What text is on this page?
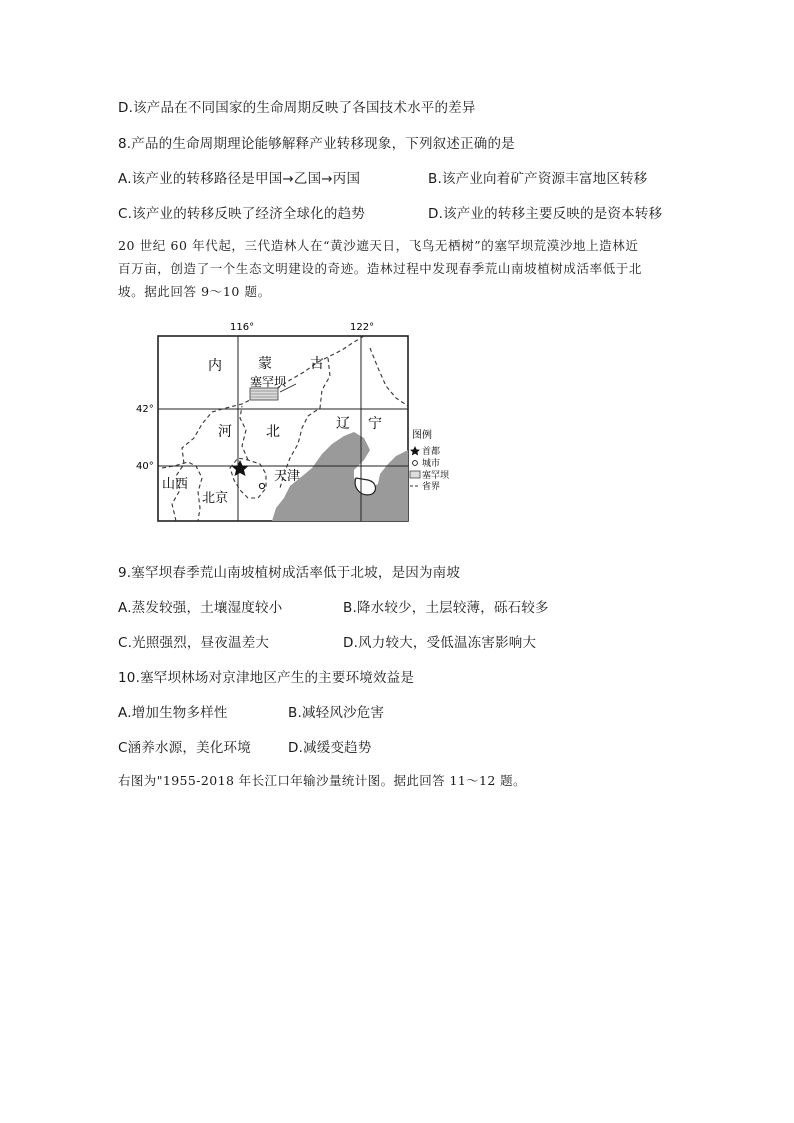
D.该产品在不同国家的生命周期反映了各国技术水平的差异
8.产品的生命周期理论能够解释产业转移现象，下列叙述正确的是
A.该产业的转移路径是甲国→乙国→丙国	B.该产业向着矿产资源丰富地区转移
C.该产业的转移反映了经济全球化的趋势	D.该产业的转移主要反映的是资本转移
20 世纪 60 年代起，三代造林人在“黄沙遮天日，飞鸟无栖树”的塞罕坝荒漠沙地上造林近
百万亩，创造了一个生态文明建设的奇迹。造林过程中发现春季荒山南坡植树成活率低于北
坡。据此回答 9～10 题。
116°	122°
42°
40°
内	蒙	古
塞罕坝
河 北	辽 宁
天津
北京
山西
图例
首都
城市
塞罕坝
省界
9.塞罕坝春季荒山南坡植树成活率低于北坡，是因为南坡
A.蒸发较强，土壤湿度较小	B.降水较少，土层较薄，砾石较多
C.光照强烈，昼夜温差大	D.风力较大，受低温冻害影响大
10.塞罕坝林场对京津地区产生的主要环境效益是
A.增加生物多样性	B.减轻风沙危害
C涵养水源，美化环境	D.减缓变趋势
右图为"1955-2018 年长江口年输沙量统计图。据此回答 11～12 题。
